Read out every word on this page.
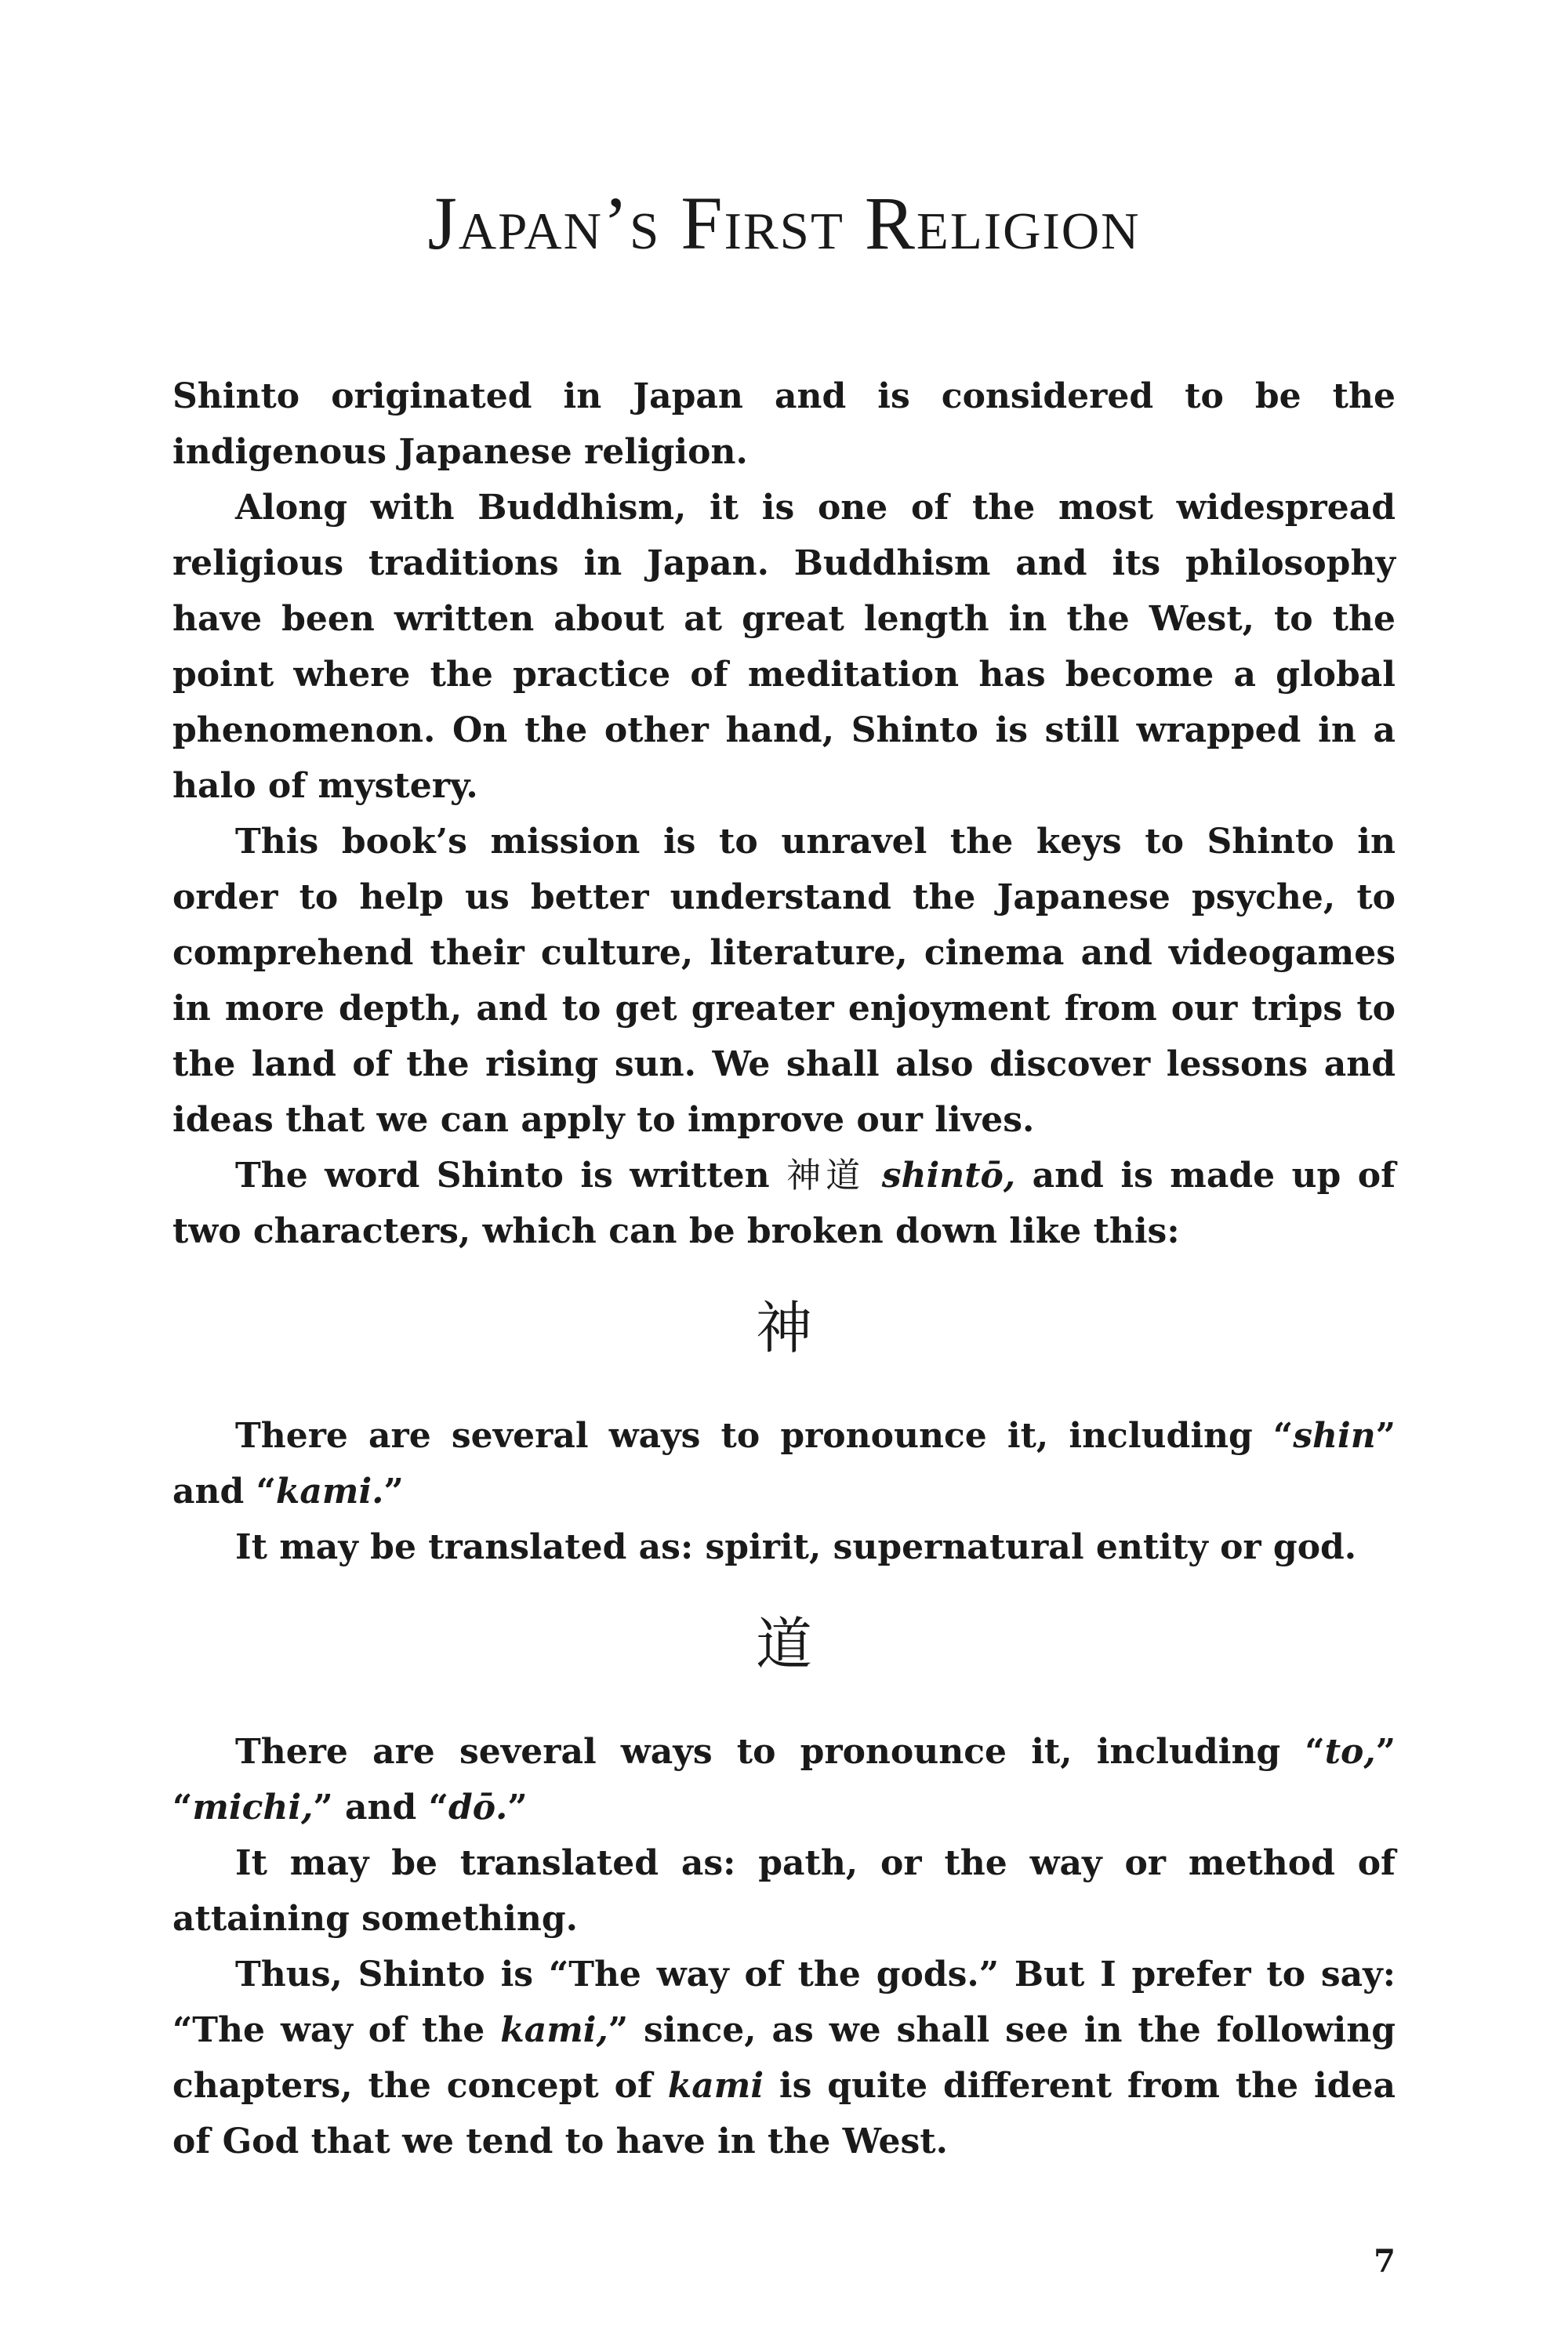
Japan’s First Religion

Shinto originated in Japan and is considered to be the indigenous Japanese religion.

Along with Buddhism, it is one of the most widespread religious traditions in Japan. Buddhism and its philosophy have been written about at great length in the West, to the point where the practice of meditation has become a global phenomenon. On the other hand, Shinto is still wrapped in a halo of mystery.

This book’s mission is to unravel the keys to Shinto in order to help us better understand the Japanese psyche, to comprehend their culture, literature, cinema and videogames in more depth, and to get greater enjoyment from our trips to the land of the rising sun. We shall also discover lessons and ideas that we can apply to improve our lives.

The word Shinto is written 神道 shintō, and is made up of two characters, which can be broken down like this:

神

There are several ways to pronounce it, including “shin” and “kami.”

It may be translated as: spirit, supernatural entity or god.

道

There are several ways to pronounce it, including “to,” “michi,” and “dō.”

It may be translated as: path, or the way or method of attaining something.

Thus, Shinto is “The way of the gods.” But I prefer to say: “The way of the kami,” since, as we shall see in the following chapters, the concept of kami is quite different from the idea of God that we tend to have in the West.

7
